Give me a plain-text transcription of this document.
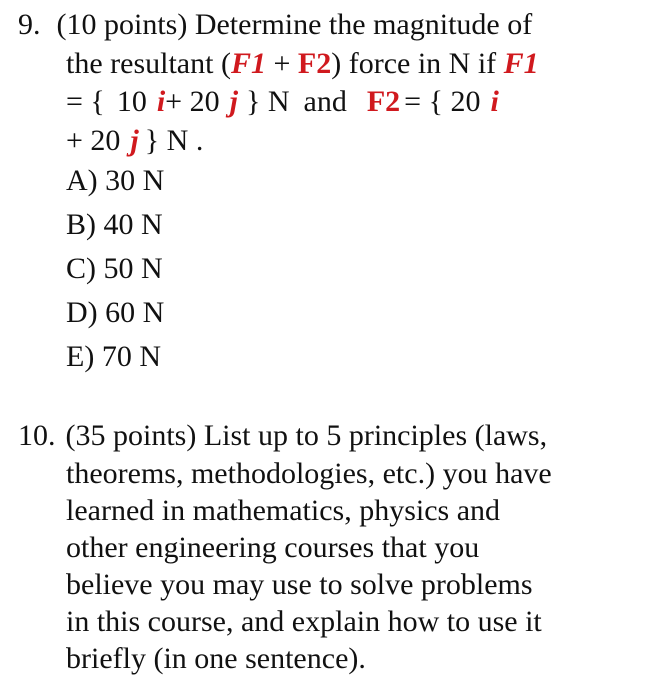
9. (10 points) Determine the magnitude of
the resultant (F1 + F2) force in N if F1
= { 10 i+ 20 j } N and F2 = { 20 i
+ 20 j } N .
A) 30 N
B) 40 N
C) 50 N
D) 60 N
E) 70 N
10. (35 points) List up to 5 principles (laws,
theorems, methodologies, etc.) you have
learned in mathematics, physics and
other engineering courses that you
believe you may use to solve problems
in this course, and explain how to use it
briefly (in one sentence).
